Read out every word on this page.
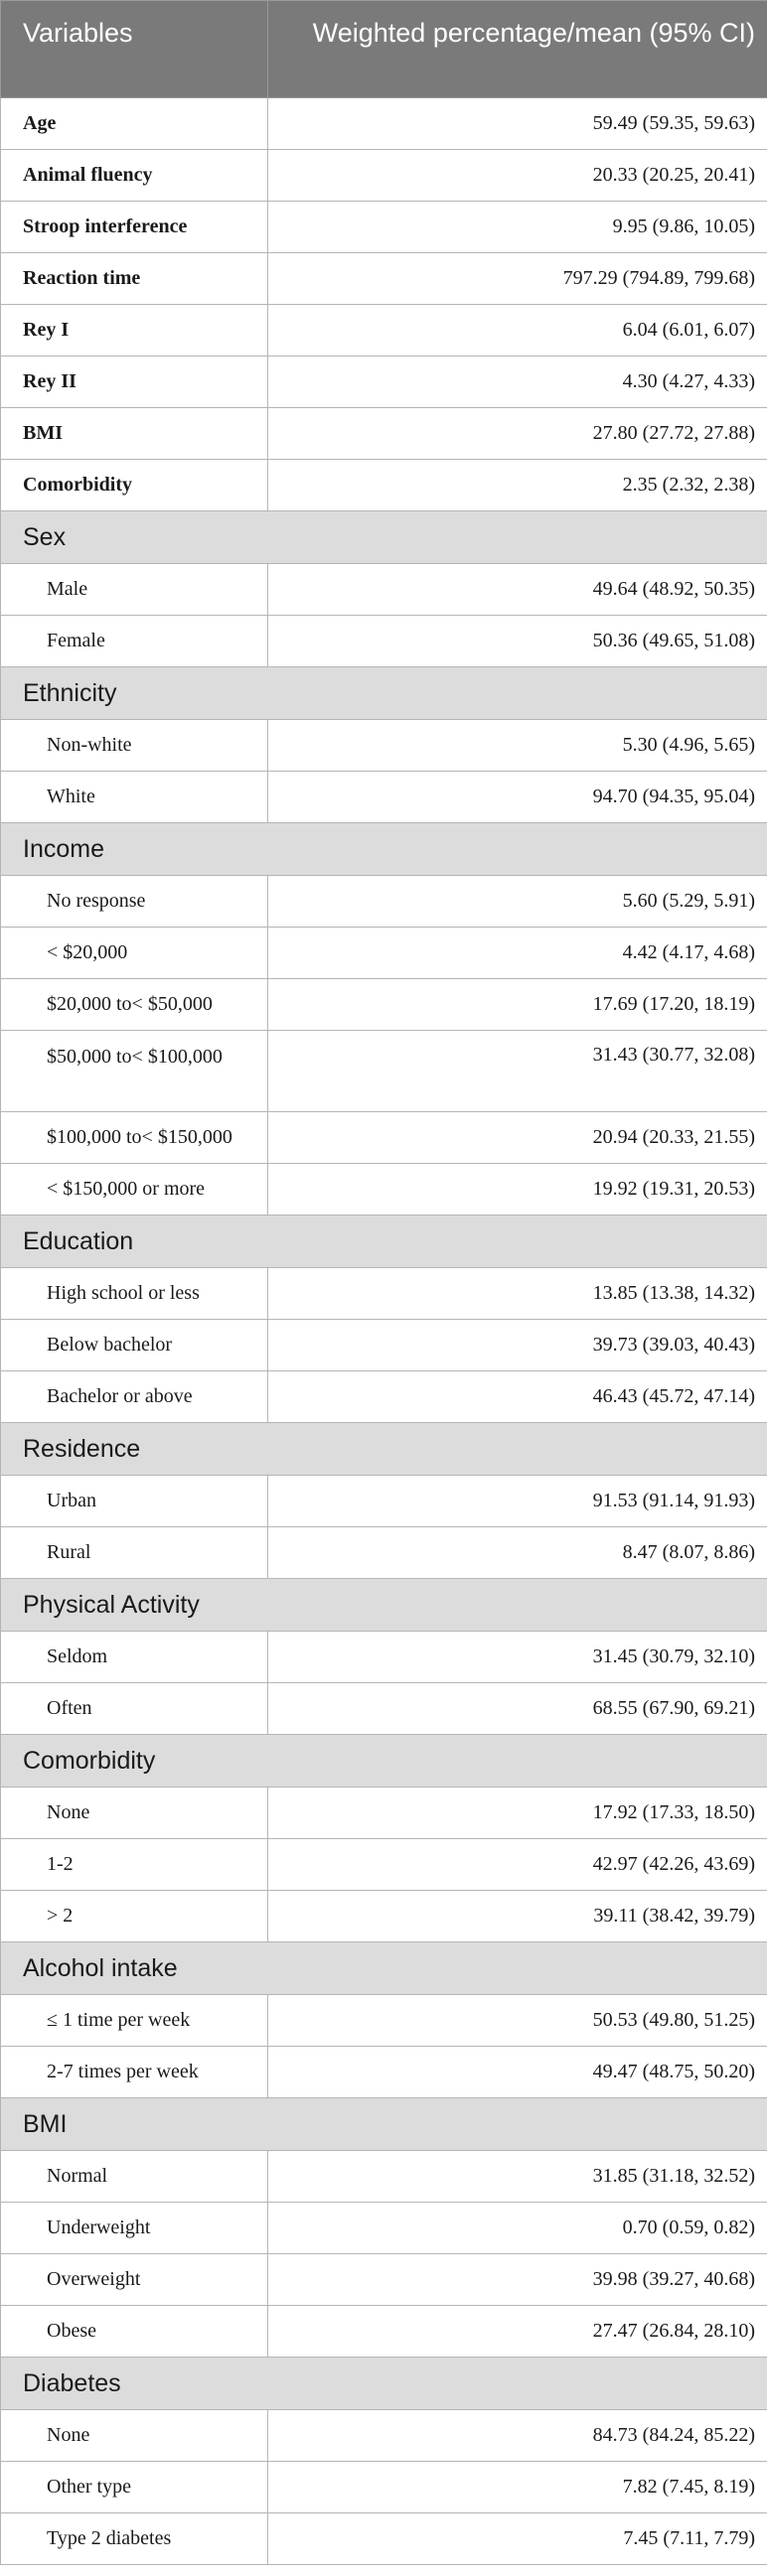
Variables	Weighted percentage/mean (95% CI)
Age	59.49 (59.35, 59.63)
Animal fluency	20.33 (20.25, 20.41)
Stroop interference	9.95 (9.86, 10.05)
Reaction time	797.29 (794.89, 799.68)
Rey I	6.04 (6.01, 6.07)
Rey II	4.30 (4.27, 4.33)
BMI	27.80 (27.72, 27.88)
Comorbidity	2.35 (2.32, 2.38)
Sex	
Male	49.64 (48.92, 50.35)
Female	50.36 (49.65, 51.08)
Ethnicity	
Non-white	5.30 (4.96, 5.65)
White	94.70 (94.35, 95.04)
Income	
No response	5.60 (5.29, 5.91)
< $20,000	4.42 (4.17, 4.68)
$20,000 to< $50,000	17.69 (17.20, 18.19)
$50,000 to< $100,000	31.43 (30.77, 32.08)
$100,000 to< $150,000	20.94 (20.33, 21.55)
< $150,000 or more	19.92 (19.31, 20.53)
Education	
High school or less	13.85 (13.38, 14.32)
Below bachelor	39.73 (39.03, 40.43)
Bachelor or above	46.43 (45.72, 47.14)
Residence	
Urban	91.53 (91.14, 91.93)
Rural	8.47 (8.07, 8.86)
Physical Activity	
Seldom	31.45 (30.79, 32.10)
Often	68.55 (67.90, 69.21)
Comorbidity	
None	17.92 (17.33, 18.50)
1-2	42.97 (42.26, 43.69)
> 2	39.11 (38.42, 39.79)
Alcohol intake	
≤ 1 time per week	50.53 (49.80, 51.25)
2-7 times per week	49.47 (48.75, 50.20)
BMI	
Normal	31.85 (31.18, 32.52)
Underweight	0.70 (0.59, 0.82)
Overweight	39.98 (39.27, 40.68)
Obese	27.47 (26.84, 28.10)
Diabetes	
None	84.73 (84.24, 85.22)
Other type	7.82 (7.45, 8.19)
Type 2 diabetes	7.45 (7.11, 7.79)
